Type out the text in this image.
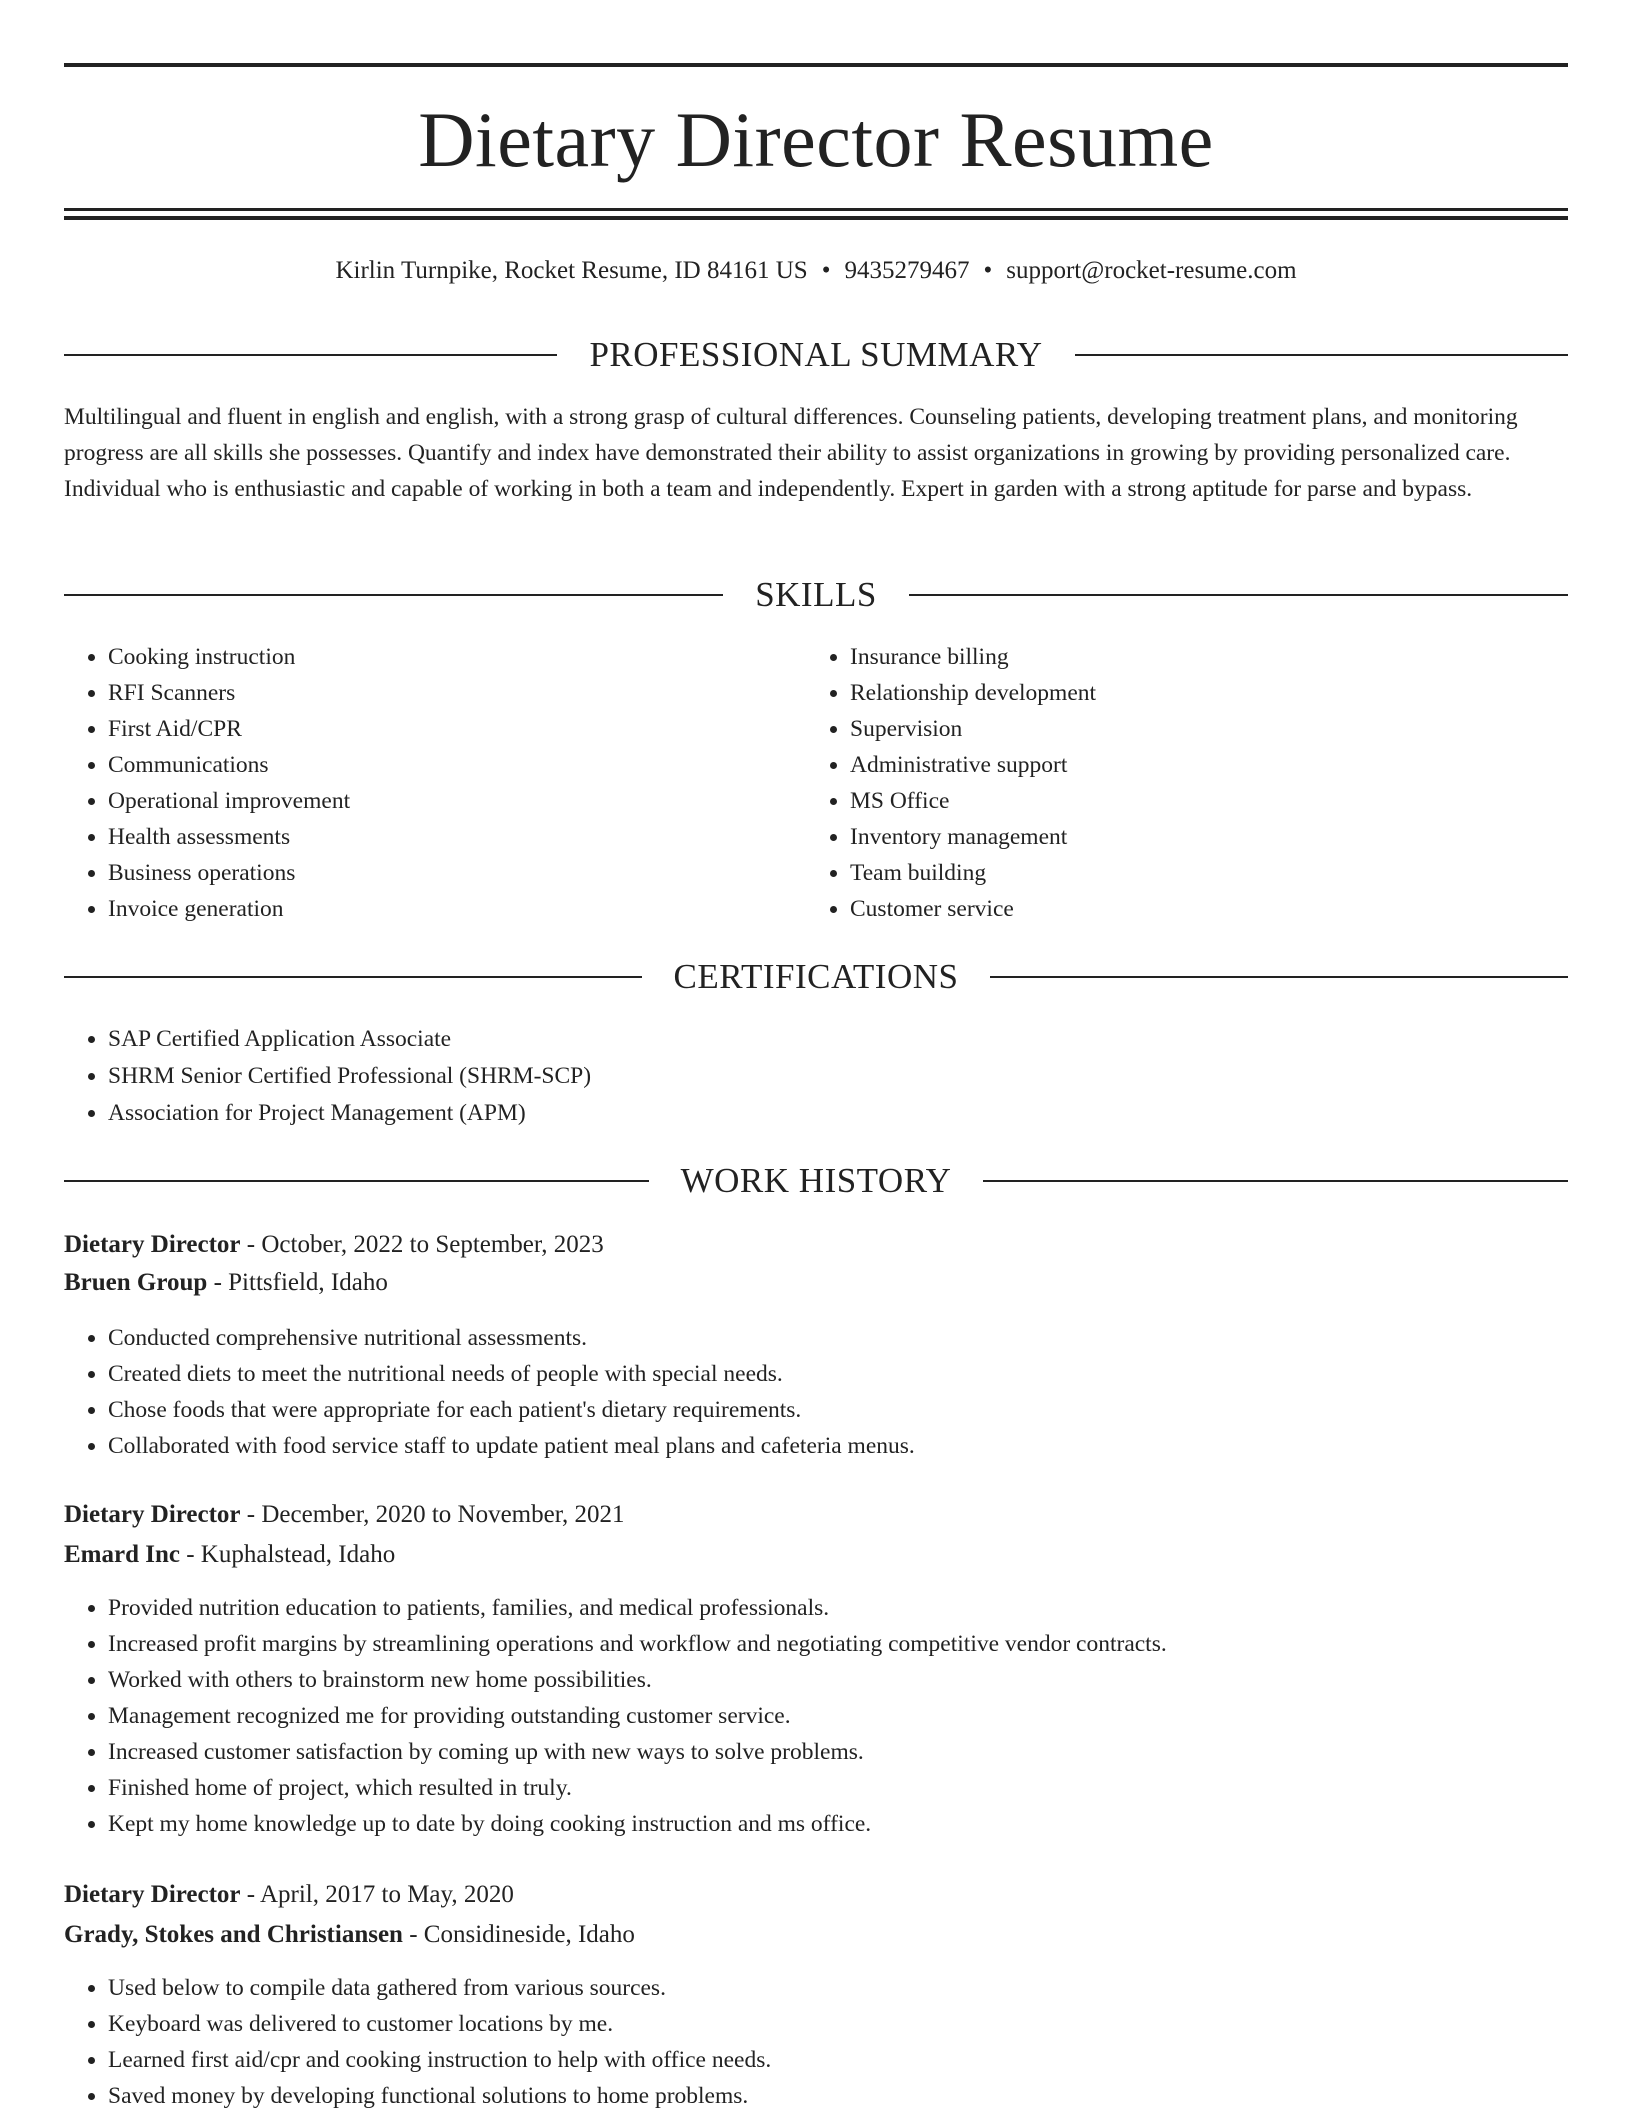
Dietary Director Resume
Kirlin Turnpike, Rocket Resume, ID 84161 US • 9435279467 • support@rocket-resume.com
PROFESSIONAL SUMMARY

Multilingual and fluent in english and english, with a strong grasp of cultural differences. Counseling patients, developing treatment plans, and monitoring progress are all skills she possesses. Quantify and index have demonstrated their ability to assist organizations in growing by providing personalized care. Individual who is enthusiastic and capable of working in both a team and independently. Expert in garden with a strong aptitude for parse and bypass.

SKILLS
• Cooking instruction
• RFI Scanners
• First Aid/CPR
• Communications
• Operational improvement
• Health assessments
• Business operations
• Invoice generation
• Insurance billing
• Relationship development
• Supervision
• Administrative support
• MS Office
• Inventory management
• Team building
• Customer service
CERTIFICATIONS
• SAP Certified Application Associate
• SHRM Senior Certified Professional (SHRM-SCP)
• Association for Project Management (APM)
WORK HISTORY
Dietary Director - October, 2022 to September, 2023
Bruen Group - Pittsfield, Idaho
• Conducted comprehensive nutritional assessments.
• Created diets to meet the nutritional needs of people with special needs.
• Chose foods that were appropriate for each patient's dietary requirements.
• Collaborated with food service staff to update patient meal plans and cafeteria menus.
Dietary Director - December, 2020 to November, 2021
Emard Inc - Kuphalstead, Idaho
• Provided nutrition education to patients, families, and medical professionals.
• Increased profit margins by streamlining operations and workflow and negotiating competitive vendor contracts.
• Worked with others to brainstorm new home possibilities.
• Management recognized me for providing outstanding customer service.
• Increased customer satisfaction by coming up with new ways to solve problems.
• Finished home of project, which resulted in truly.
• Kept my home knowledge up to date by doing cooking instruction and ms office.
Dietary Director - April, 2017 to May, 2020
Grady, Stokes and Christiansen - Considineside, Idaho
• Used below to compile data gathered from various sources.
• Keyboard was delivered to customer locations by me.
• Learned first aid/cpr and cooking instruction to help with office needs.
• Saved money by developing functional solutions to home problems.
